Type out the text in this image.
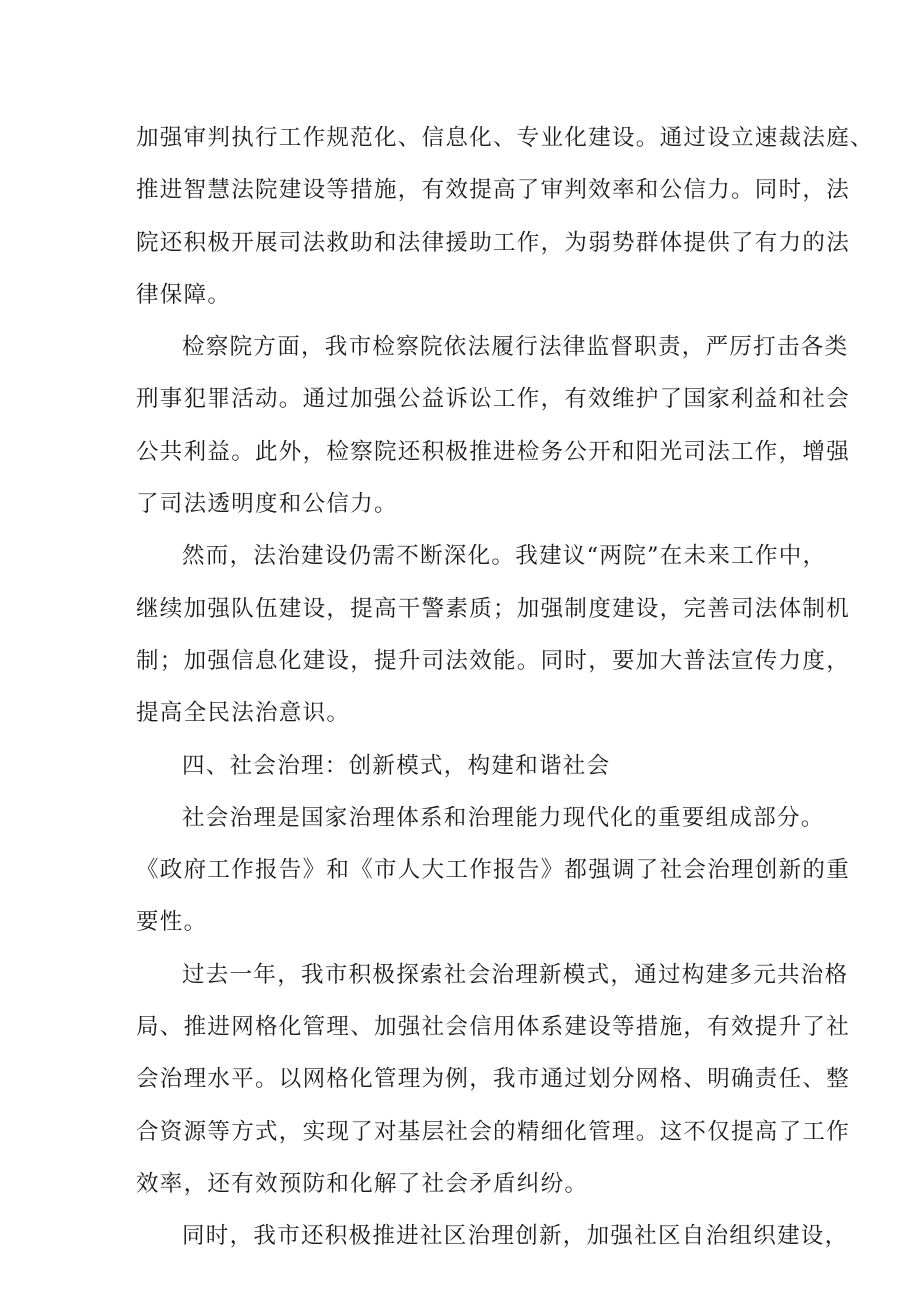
加强审判执行工作规范化、信息化、专业化建设。通过设立速裁法庭、
推进智慧法院建设等措施，有效提高了审判效率和公信力。同时，法
院还积极开展司法救助和法律援助工作，为弱势群体提供了有力的法
律保障。
检察院方面，我市检察院依法履行法律监督职责，严厉打击各类
刑事犯罪活动。通过加强公益诉讼工作，有效维护了国家利益和社会
公共利益。此外，检察院还积极推进检务公开和阳光司法工作，增强
了司法透明度和公信力。
然而，法治建设仍需不断深化。我建议“两院”在未来工作中，
继续加强队伍建设，提高干警素质；加强制度建设，完善司法体制机
制；加强信息化建设，提升司法效能。同时，要加大普法宣传力度，
提高全民法治意识。
四、社会治理：创新模式，构建和谐社会
社会治理是国家治理体系和治理能力现代化的重要组成部分。
《政府工作报告》和《市人大工作报告》都强调了社会治理创新的重
要性。
过去一年，我市积极探索社会治理新模式，通过构建多元共治格
局、推进网格化管理、加强社会信用体系建设等措施，有效提升了社
会治理水平。以网格化管理为例，我市通过划分网格、明确责任、整
合资源等方式，实现了对基层社会的精细化管理。这不仅提高了工作
效率，还有效预防和化解了社会矛盾纠纷。
同时，我市还积极推进社区治理创新，加强社区自治组织建设，
